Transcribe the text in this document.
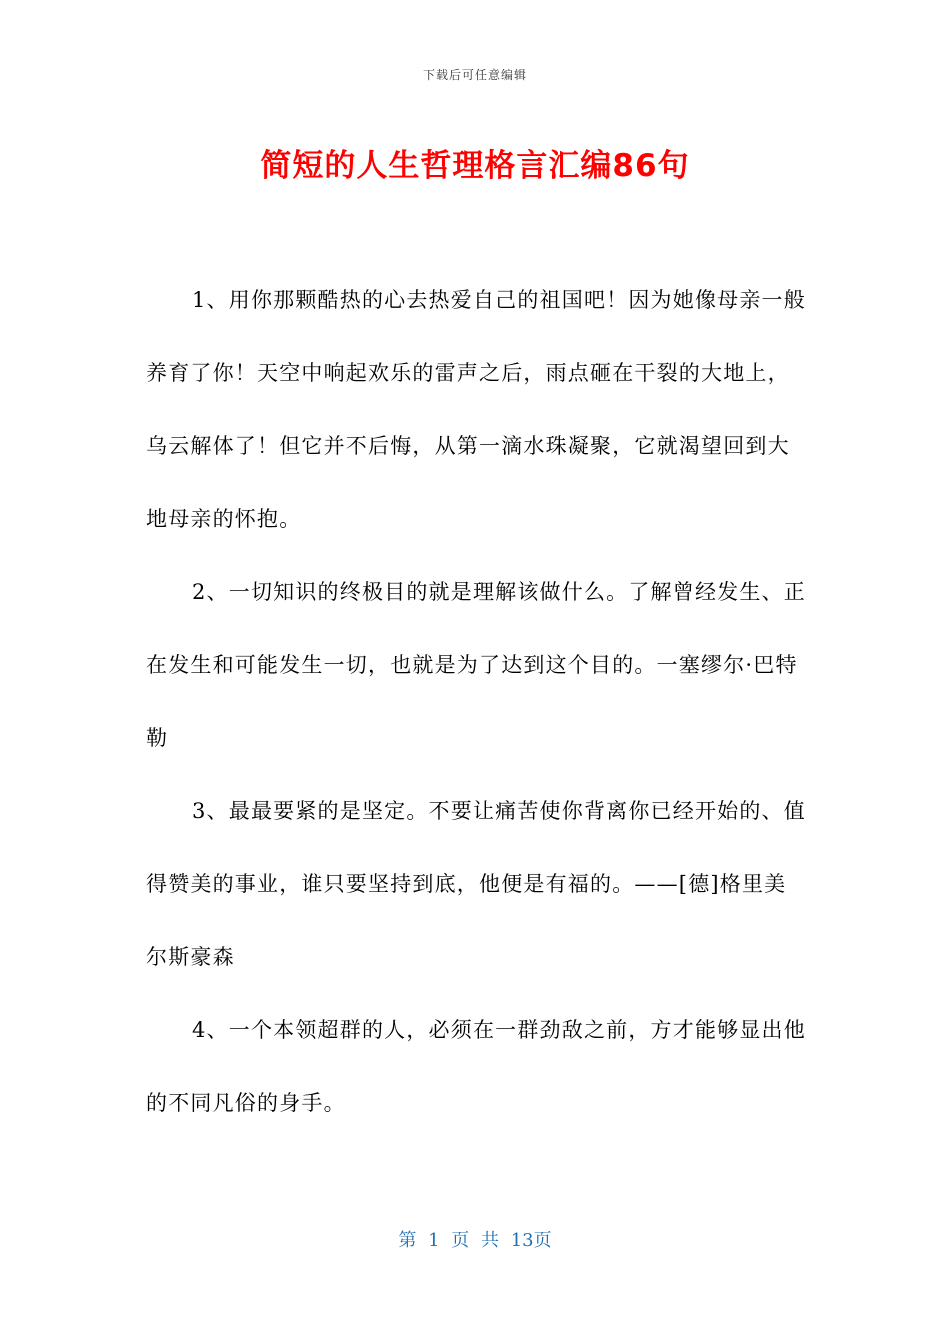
下载后可任意编辑
简短的人生哲理格言汇编86句

1、用你那颗酷热的心去热爱自己的祖国吧！因为她像母亲一般养育了你！天空中响起欢乐的雷声之后，雨点砸在干裂的大地上，乌云解体了！但它并不后悔，从第一滴水珠凝聚，它就渴望回到大地母亲的怀抱。

2、一切知识的终极目的就是理解该做什么。了解曾经发生、正在发生和可能发生一切，也就是为了达到这个目的。一塞缪尔·巴特勒

3、最最要紧的是坚定。不要让痛苦使你背离你已经开始的、值得赞美的事业，谁只要坚持到底，他便是有福的。——[德]格里美尔斯豪森

4、一个本领超群的人，必须在一群劲敌之前，方才能够显出他的不同凡俗的身手。

第 1 页 共 13页
